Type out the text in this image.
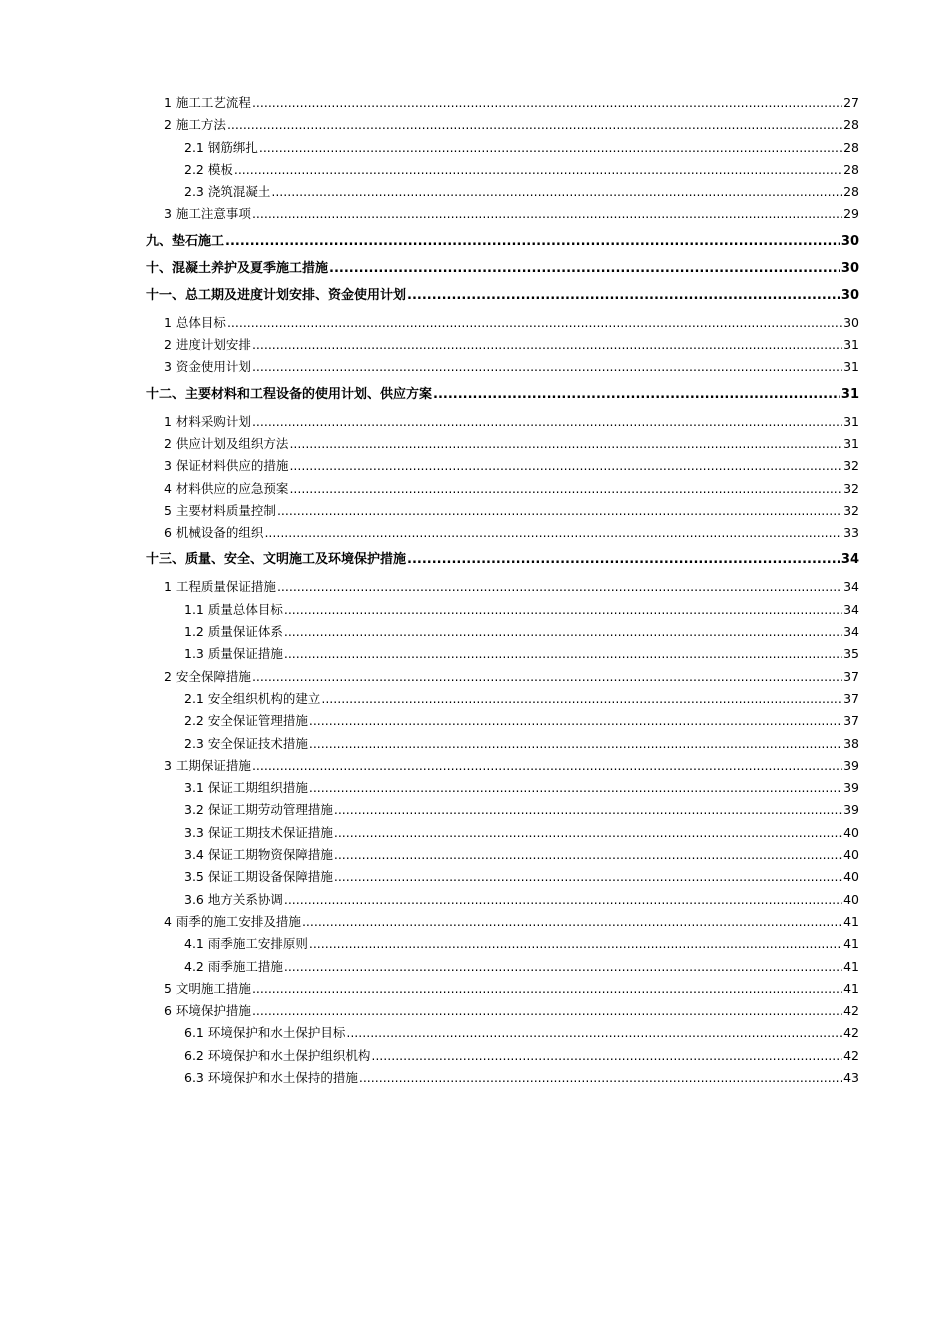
1 施工工艺流程 .....	27
2 施工方法 .....	28
2.1 钢筋绑扎 .....	28
2.2 模板 .....	28
2.3 浇筑混凝土 .....	28
3 施工注意事项 .....	29
九、垫石施工 .....	30
十、混凝土养护及夏季施工措施 .....	30
十一、总工期及进度计划安排、资金使用计划 .....	30
1 总体目标 .....	30
2 进度计划安排 .....	31
3 资金使用计划 .....	31
十二、主要材料和工程设备的使用计划、供应方案 .....	31
1 材料采购计划 .....	31
2 供应计划及组织方法 .....	31
3 保证材料供应的措施 .....	32
4 材料供应的应急预案 .....	32
5 主要材料质量控制 .....	32
6 机械设备的组织 .....	33
十三、质量、安全、文明施工及环境保护措施 .....	34
1 工程质量保证措施 .....	34
1.1 质量总体目标 .....	34
1.2 质量保证体系 .....	34
1.3 质量保证措施 .....	35
2 安全保障措施 .....	37
2.1 安全组织机构的建立 .....	37
2.2 安全保证管理措施 .....	37
2.3 安全保证技术措施 .....	38
3 工期保证措施 .....	39
3.1 保证工期组织措施 .....	39
3.2 保证工期劳动管理措施 .....	39
3.3 保证工期技术保证措施 .....	40
3.4 保证工期物资保障措施 .....	40
3.5 保证工期设备保障措施 .....	40
3.6 地方关系协调 .....	40
4 雨季的施工安排及措施 .....	41
4.1 雨季施工安排原则 .....	41
4.2 雨季施工措施 .....	41
5 文明施工措施 .....	41
6 环境保护措施 .....	42
6.1 环境保护和水土保护目标 .....	42
6.2 环境保护和水土保护组织机构 .....	42
6.3 环境保护和水土保持的措施 .....	43
